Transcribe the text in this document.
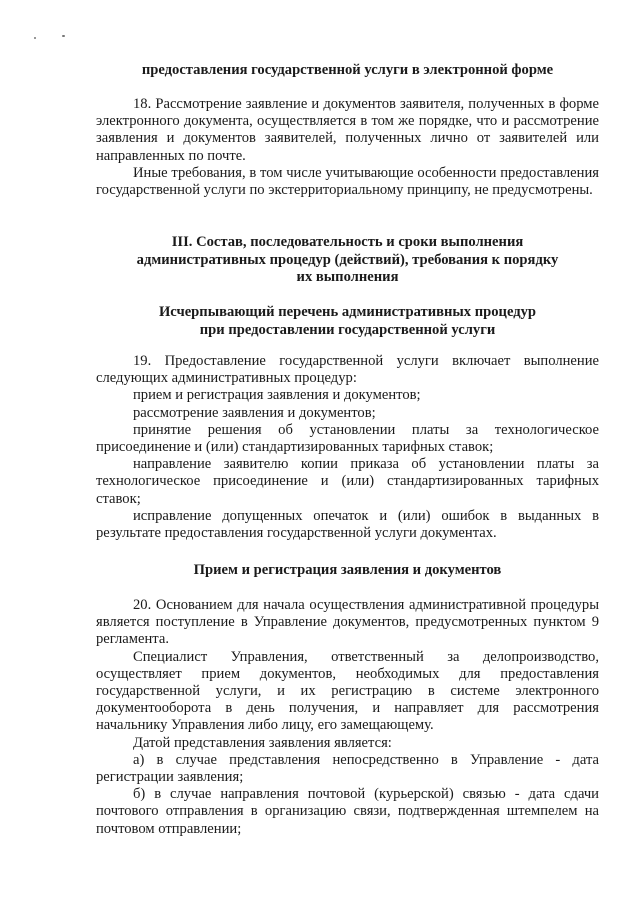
предоставления государственной услуги в электронной форме

18. Рассмотрение заявление и документов заявителя, полученных в форме электронного документа, осуществляется в том же порядке, что и рассмотрение заявления и документов заявителей, полученных лично от заявителей или направленных по почте.

Иные требования, в том числе учитывающие особенности предоставления государственной услуги по экстерриториальному принципу, не предусмотрены.

III. Состав, последовательность и сроки выполнения
административных процедур (действий), требования к порядку
их выполнения
Исчерпывающий перечень административных процедур
при предоставлении государственной услуги

19. Предоставление государственной услуги включает выполнение следующих административных процедур:

прием и регистрация заявления и документов;

рассмотрение заявления и документов;

принятие решения об установлении платы за технологическое присоединение и (или) стандартизированных тарифных ставок;

направление заявителю копии приказа об установлении платы за технологическое присоединение и (или) стандартизированных тарифных ставок;

исправление допущенных опечаток и (или) ошибок в выданных в результате предоставления государственной услуги документах.

Прием и регистрация заявления и документов

20. Основанием для начала осуществления административной процедуры является поступление в Управление документов, предусмотренных пунктом 9 регламента.

Специалист Управления, ответственный за делопроизводство, осуществляет прием документов, необходимых для предоставления государственной услуги, и их регистрацию в системе электронного документооборота в день получения, и направляет для рассмотрения начальнику Управления либо лицу, его замещающему.

Датой представления заявления является:

а) в случае представления непосредственно в Управление - дата регистрации заявления;

б) в случае направления почтовой (курьерской) связью - дата сдачи почтового отправления в организацию связи, подтвержденная штемпелем на почтовом отправлении;
